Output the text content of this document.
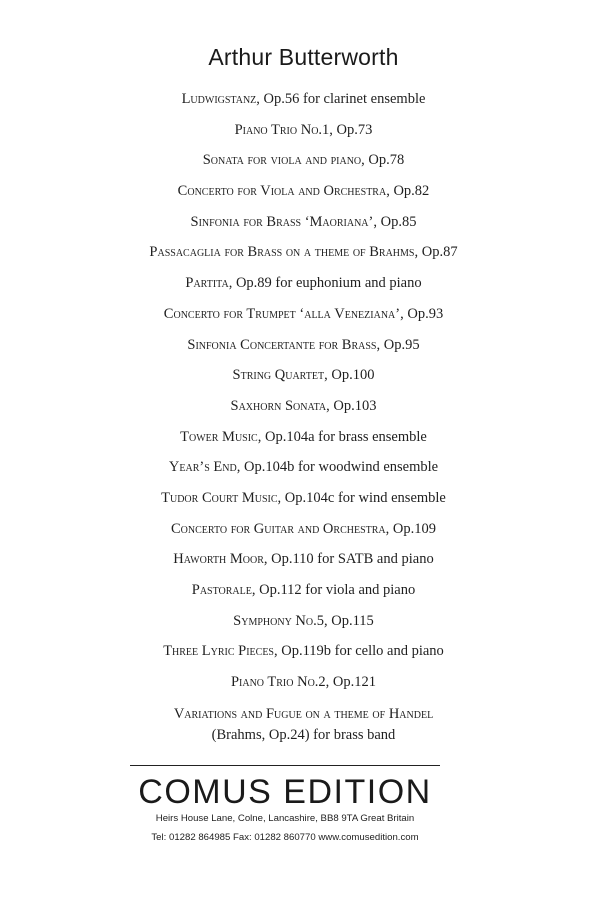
Arthur Butterworth
Ludwigstanz, Op.56 for clarinet ensemble
Piano Trio No.1, Op.73
Sonata for viola and piano, Op.78
Concerto for Viola and Orchestra, Op.82
Sinfonia for Brass ‘Maoriana’, Op.85
Passacaglia for Brass on a theme of Brahms, Op.87
Partita, Op.89 for euphonium and piano
Concerto for Trumpet ‘alla Veneziana’, Op.93
Sinfonia Concertante for Brass, Op.95
String Quartet, Op.100
Saxhorn Sonata, Op.103
Tower Music, Op.104a for brass ensemble
Year’s End, Op.104b for woodwind ensemble
Tudor Court Music, Op.104c for wind ensemble
Concerto for Guitar and Orchestra, Op.109
Haworth Moor, Op.110 for SATB and piano
Pastorale, Op.112 for viola and piano
Symphony No.5, Op.115
Three Lyric Pieces, Op.119b for cello and piano
Piano Trio No.2, Op.121
Variations and Fugue on a theme of Handel
(Brahms, Op.24) for brass band
COMUS EDITION
Heirs House Lane, Colne, Lancashire, BB8 9TA Great Britain
Tel: 01282 864985 Fax: 01282 860770 www.comusedition.com
